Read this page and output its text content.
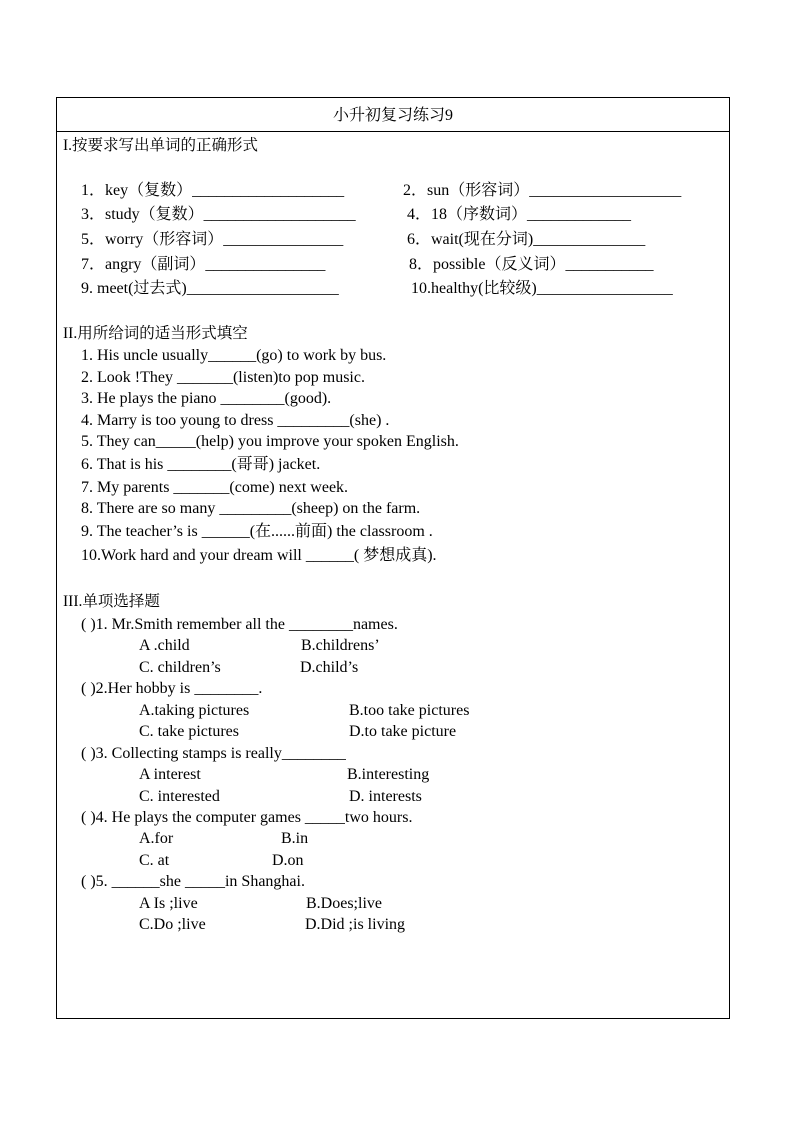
小升初复习练习9
I.按要求写出单词的正确形式
1．key（复数）___________________	2．sun（形容词）___________________
3．study（复数）___________________	4．18（序数词）_____________
5．worry（形容词）_______________	6．wait(现在分词)______________
7．angry（副词）_______________	8．possible（反义词）___________
9. meet(过去式)___________________	10.healthy(比较级)_________________
II.用所给词的适当形式填空
1. His uncle usually______(go) to work by bus.
2. Look !They _______(listen)to pop music.
3. He plays the piano ________(good).
4. Marry is too young to dress _________(she) .
5. They can_____(help) you improve your spoken English.
6. That is his ________(哥哥) jacket.
7. My parents _______(come) next week.
8. There are so many _________(sheep) on the farm.
9. The teacher’s is ______(在......前面) the classroom .
10.Work hard and your dream will ______( 梦想成真).
III.单项选择题
( )1. Mr.Smith remember all the ________names.
A .child	B.childrens’
C. children’s	D.child’s
( )2.Her hobby is ________.
A.taking pictures	B.too take pictures
C. take pictures	D.to take picture
( )3. Collecting stamps is really________
A interest	B.interesting
C. interested	D. interests
( )4. He plays the computer games _____two hours.
A.for	B.in
C. at	D.on
( )5. ______she _____in Shanghai.
A Is ;live	B.Does;live
C.Do ;live	D.Did ;is living
